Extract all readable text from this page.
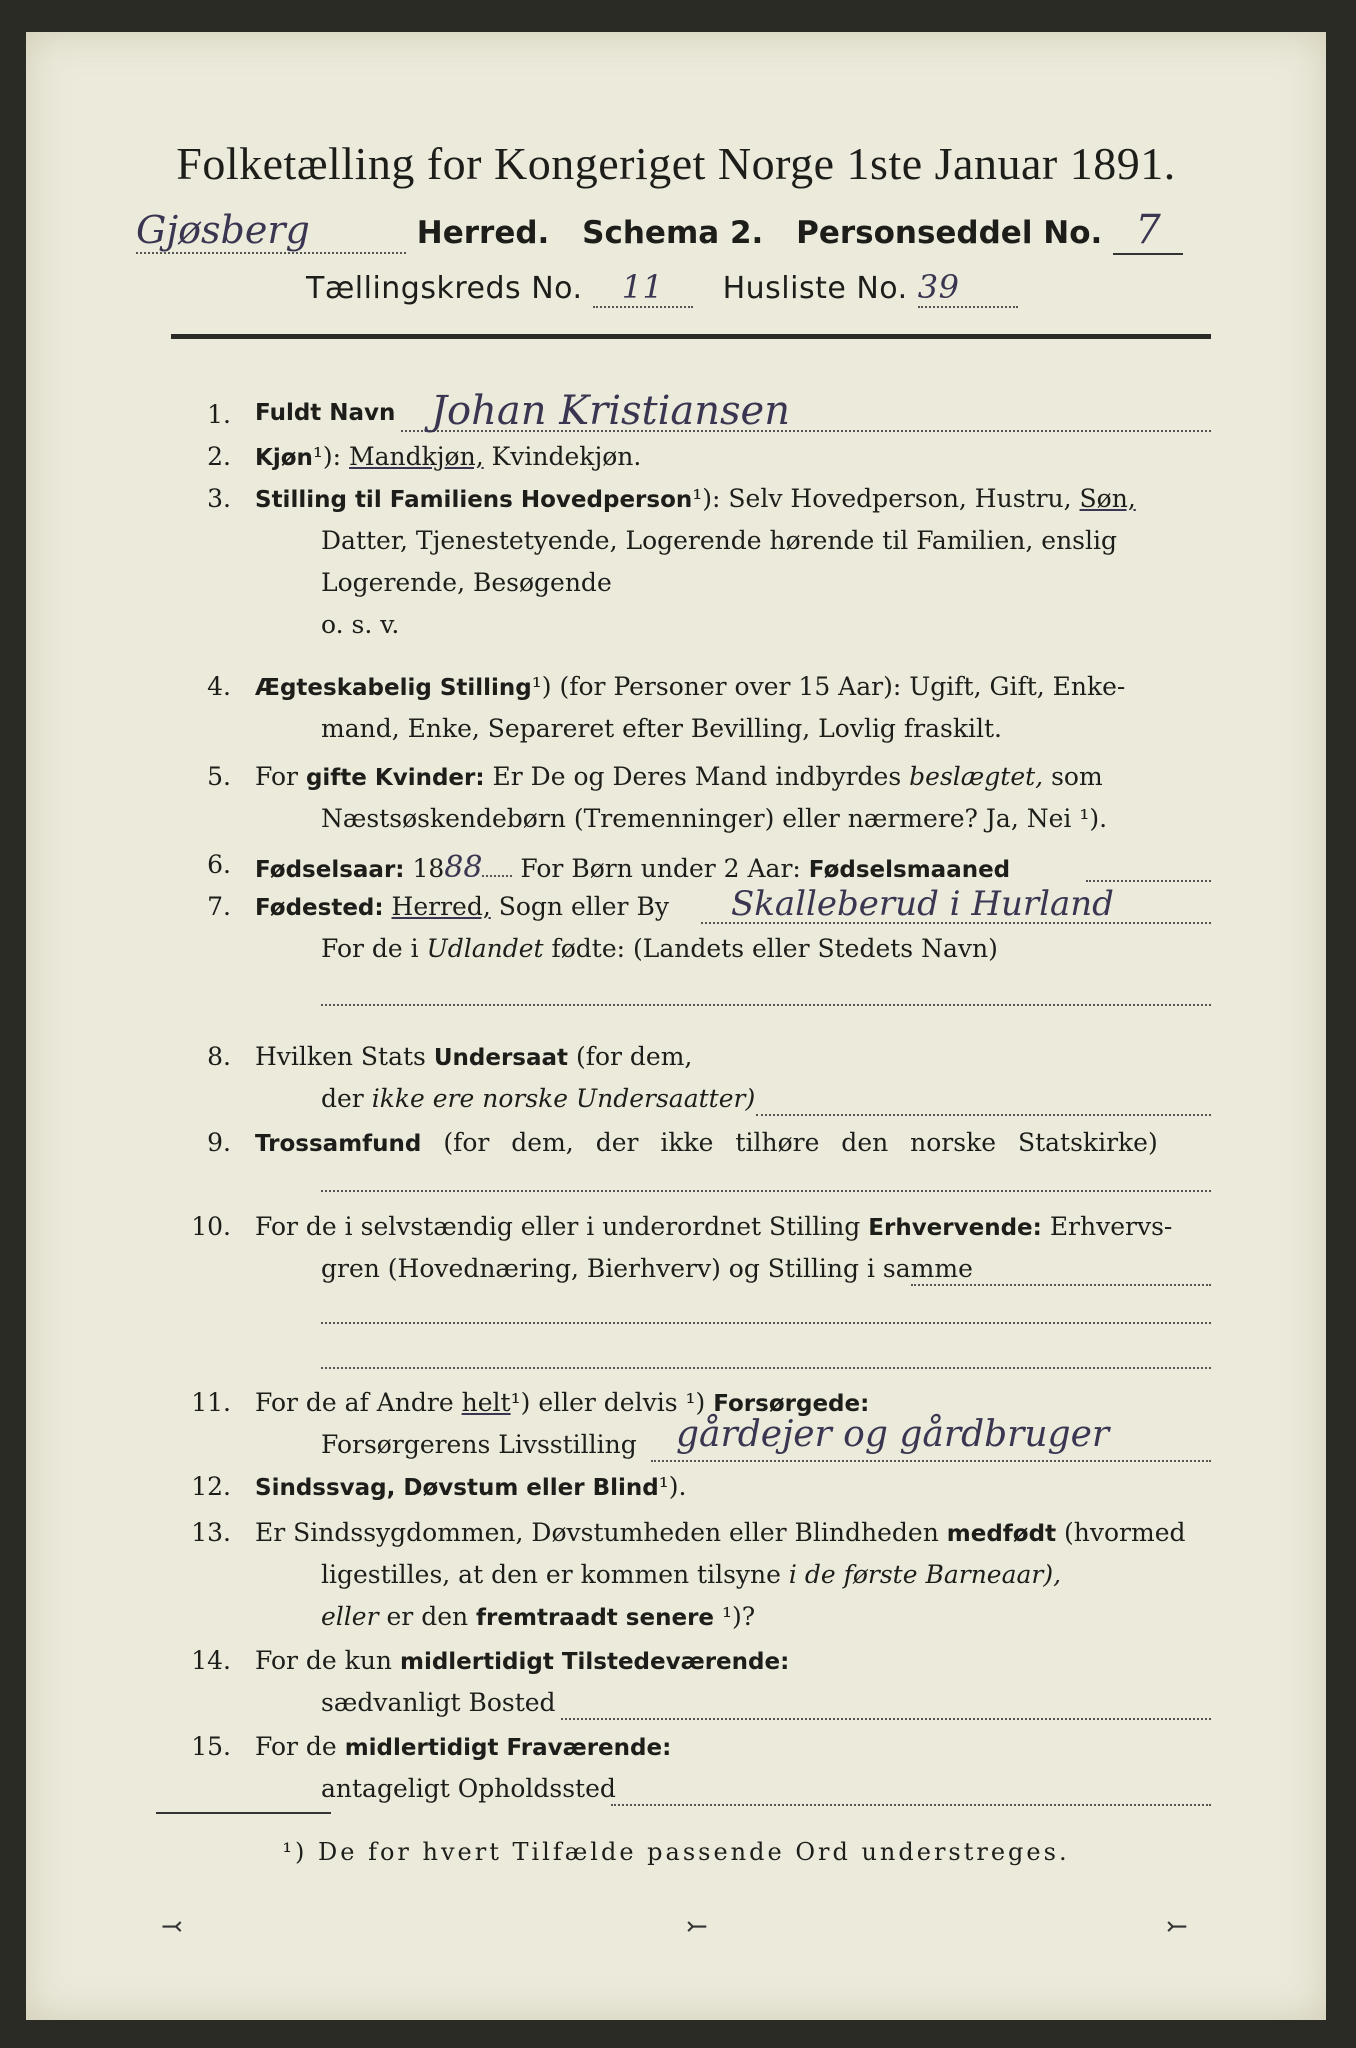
Folketælling for Kongeriget Norge 1ste Januar 1891.
Gjøsberg	Herred. Schema 2. Personseddel No. 7
Tællingskreds No. 11 Husliste No. 39
1. Fuldt Navn Johan Kristiansen
2. Kjøn¹): Mandkjøn, Kvindekjøn.
3. Stilling til Familiens Hovedperson¹): Selv Hovedperson, Hustru, Søn,
Datter, Tjenestetyende, Logerende hørende til Familien, enslig
Logerende, Besøgende
o. s. v.
4. Ægteskabelig Stilling¹) (for Personer over 15 Aar): Ugift, Gift, Enke-
mand, Enke, Separeret efter Bevilling, Lovlig fraskilt.
5. For gifte Kvinder: Er De og Deres Mand indbyrdes beslægtet, som
Næstsøskendebørn (Tremenninger) eller nærmere? Ja, Nei ¹).
6. Fødselsaar: 1888 For Børn under 2 Aar: Fødselsmaaned
7. Fødested: Herred, Sogn eller By	Skalleberud i Hurland
For de i Udlandet fødte: (Landets eller Stedets Navn)
8. Hvilken Stats Undersaat (for dem,
der ikke ere norske Undersaatter)
9. Trossamfund (for dem, der ikke tilhøre den norske Statskirke)
10. For de i selvstændig eller i underordnet Stilling Erhvervende: Erhvervs-
gren (Hovednæring, Bierhverv) og Stilling i samme
11. For de af Andre helt¹) eller delvis ¹) Forsørgede:
Forsørgerens Livsstilling	gårdejer og gårdbruger
12. Sindssvag, Døvstum eller Blind¹).
13. Er Sindssygdommen, Døvstumheden eller Blindheden medfødt (hvormed
ligestilles, at den er kommen tilsyne i de første Barneaar),
eller er den fremtraadt senere ¹)?
14. For de kun midlertidigt Tilstedeværende:
sædvanligt Bosted
15. For de midlertidigt Fraværende:
antageligt Opholdssted
¹) De for hvert Tilfælde passende Ord understreges.
⤙	⤚	⤚
